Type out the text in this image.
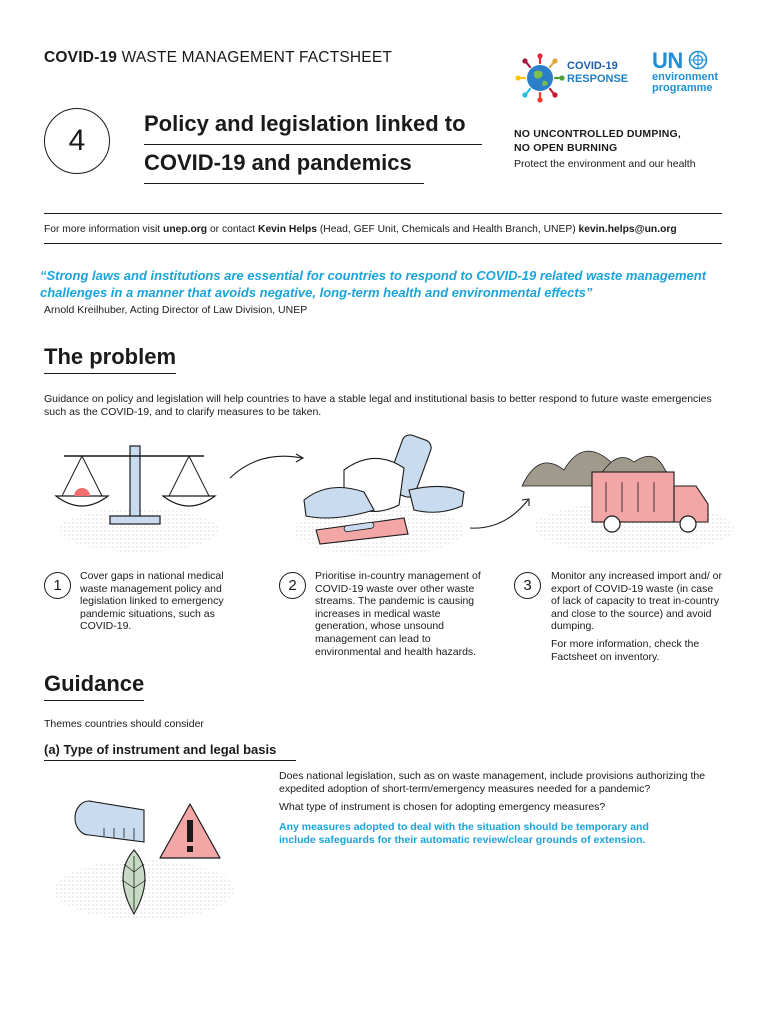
COVID-19 WASTE MANAGEMENT FACTSHEET
4
Policy and legislation linked to
COVID-19 and pandemics
NO UNCONTROLLED DUMPING,
NO OPEN BURNING
Protect the environment and our health
COVID-19
RESPONSE
UN
environment
programme
For more information visit unep.org or contact Kevin Helps (Head, GEF Unit, Chemicals and Health Branch, UNEP) kevin.helps@un.org
“Strong laws and institutions are essential for countries to respond to COVID-19 related waste management challenges in a manner that avoids negative, long-term health and environmental effects”
Arnold Kreilhuber, Acting Director of Law Division, UNEP
The problem
Guidance on policy and legislation will help countries to have a stable legal and institutional basis to better respond to future waste emergencies such as the COVID-19, and to clarify measures to be taken.
1
Cover gaps in national medical waste management policy and legislation linked to emergency pandemic situations, such as COVID-19.
2
Prioritise in-country management of COVID-19 waste over other waste streams. The pandemic is causing increases in medical waste generation, whose unsound management can lead to environmental and health hazards.
3
Monitor any increased import and/ or export of COVID-19 waste (in case of lack of capacity to treat in-country and close to the source) and avoid dumping.
For more information, check the Factsheet on inventory.
Guidance
Themes countries should consider
(a) Type of instrument and legal basis
Does national legislation, such as on waste management, include provisions authorizing the expedited adoption of short-term/emergency measures needed for a pandemic?
What type of instrument is chosen for adopting emergency measures?
Any measures adopted to deal with the situation should be temporary and include safeguards for their automatic review/clear grounds of extension.
